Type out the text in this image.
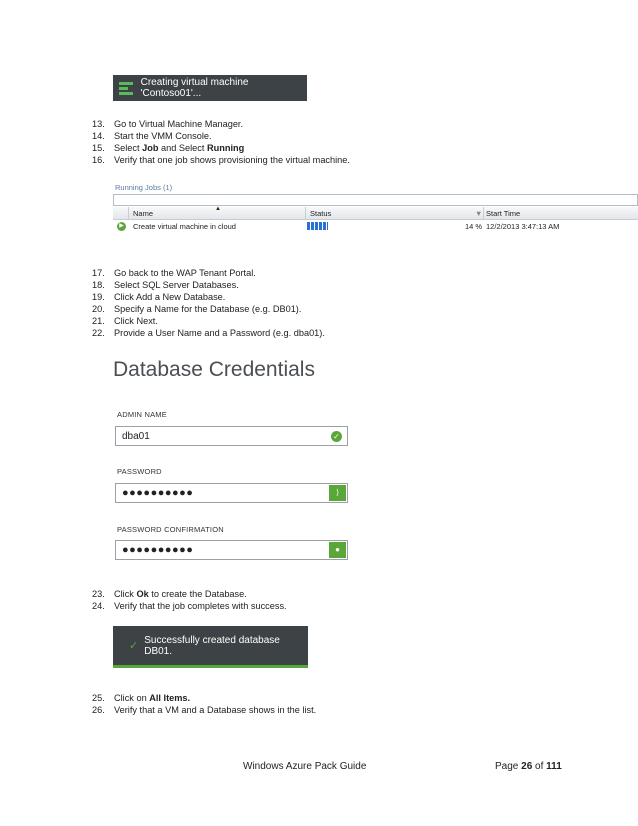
Creating virtual machine 'Contoso01'...
13. Go to Virtual Machine Manager.
14. Start the VMM Console.
15. Select Job and Select Running
16. Verify that one job shows provisioning the virtual machine.
Running Jobs (1)
Name	▲	Status	▼ Start Time
▶ Create virtual machine in cloud	14 % 12/2/2013 3:47:13 AM
17. Go back to the WAP Tenant Portal.
18. Select SQL Server Databases.
19. Click Add a New Database.
20. Specify a Name for the Database (e.g. DB01).
21. Click Next.
22. Provide a User Name and a Password (e.g. dba01).
Database Credentials
ADMIN NAME
dba01	✓
PASSWORD
●●●●●●●●●●	⟩
PASSWORD CONFIRMATION
●●●●●●●●●●	●
23. Click Ok to create the Database.
24. Verify that the job completes with success.
✓ Successfully created database DB01.
25. Click on All Items.
26. Verify that a VM and a Database shows in the list.
Windows Azure Pack Guide	Page 26 of 111
